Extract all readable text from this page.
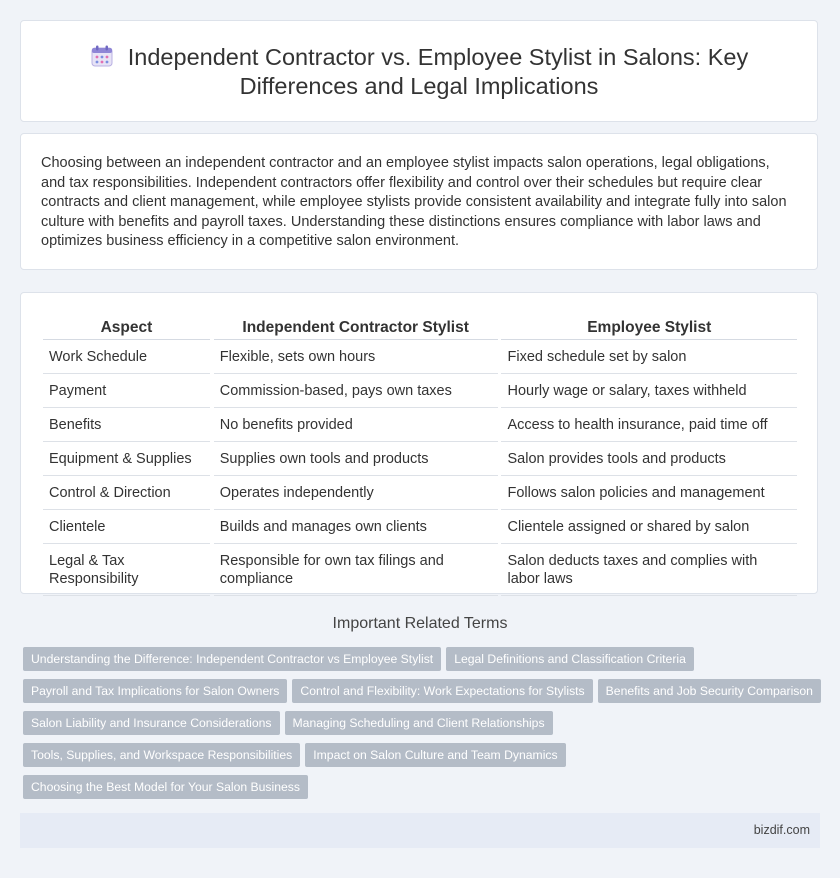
Independent Contractor vs. Employee Stylist in Salons: Key
Differences and Legal Implications
Choosing between an independent contractor and an employee stylist impacts salon operations, legal obligations, and tax responsibilities. Independent contractors offer flexibility and control over their schedules but require clear contracts and client management, while employee stylists provide consistent availability and integrate fully into salon culture with benefits and payroll taxes. Understanding these distinctions ensures compliance with labor laws and optimizes business efficiency in a competitive salon environment.
Aspect		Independent Contractor Stylist		Employee Stylist
Work Schedule		Flexible, sets own hours		Fixed schedule set by salon
Payment		Commission-based, pays own taxes		Hourly wage or salary, taxes withheld
Benefits		No benefits provided		Access to health insurance, paid time off
Equipment & Supplies		Supplies own tools and products		Salon provides tools and products
Control & Direction		Operates independently		Follows salon policies and management
Clientele		Builds and manages own clients		Clientele assigned or shared by salon
Legal & Tax Responsibility		Responsible for own tax filings and compliance		Salon deducts taxes and complies with labor laws
Important Related Terms
Understanding the Difference: Independent Contractor vs Employee Stylist Legal Definitions and Classification Criteria
Payroll and Tax Implications for Salon Owners Control and Flexibility: Work Expectations for Stylists Benefits and Job Security Comparison
Salon Liability and Insurance Considerations Managing Scheduling and Client Relationships
Tools, Supplies, and Workspace Responsibilities Impact on Salon Culture and Team Dynamics
Choosing the Best Model for Your Salon Business
bizdif.com
